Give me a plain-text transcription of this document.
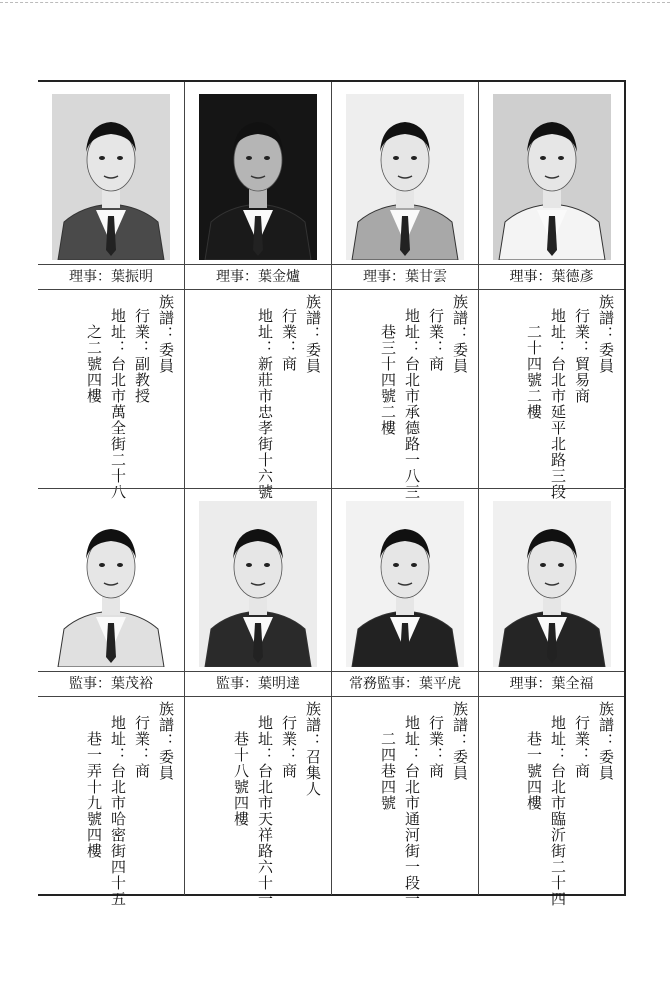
理事 ： 葉德彥
族譜：委員
行業：貿易商
地址：台北市延平北路三段
二十四號二樓
理事 ： 葉甘雲
族譜：委員
行業：商
地址：台北市承德路一八三
巷三十四號二樓
理事 ： 葉金爐
族譜：委員
行業：商
地址：新莊市忠孝街十六號
理事 ： 葉振明
族譜：委員
行業：副教授
地址：台北市萬全街二十八
之二號四樓
理事 ： 葉全福
族譜：委員
行業：商
地址：台北市臨沂街二十四
巷一號四樓
常務監事 ： 葉平虎
族譜：委員
行業：商
地址：台北市通河街一段一
二四巷四號
監事 ： 葉明達
族譜：召集人
行業：商
地址：台北市天祥路六十一
巷十八號四樓
監事 ： 葉茂裕
族譜：委員
行業：商
地址：台北市哈密街四十五
巷一弄十九號四樓
